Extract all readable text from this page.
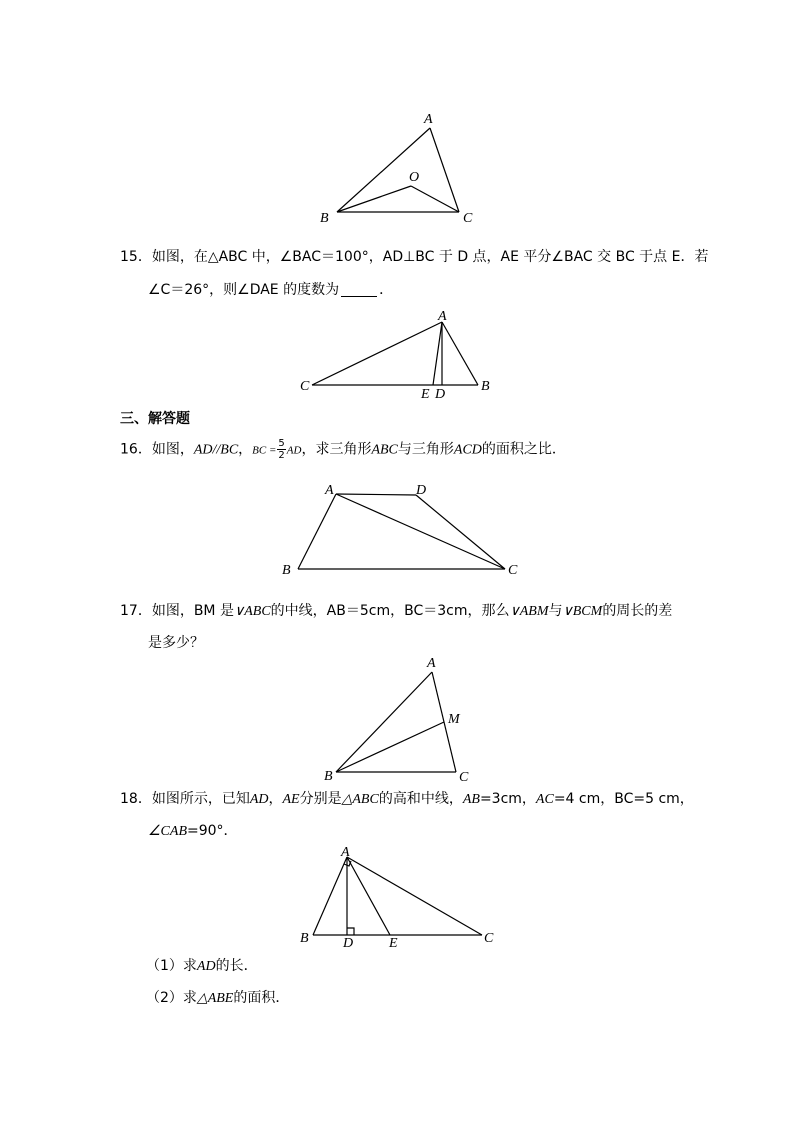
A
O
B	C
A
C
E D
B
A	D
B	C
A
M
B	C
A
B D	E	C
15．如图，在△ABC 中，∠BAC＝100°，AD⊥BC 于 D 点，AE 平分∠BAC 交 BC 于点 E．若
∠C＝26°，则∠DAE 的度数为	．
三、解答题
16．如图，AD//BC，BC = $\frac{5}{2}$ AD，求三角形ABC与三角形ACD的面积之比．
17．如图，BM 是∨ABC的中线，AB＝5cm，BC＝3cm，那么∨ABM与∨BCM的周长的差
是多少？
18．如图所示，已知AD，AE分别是△ABC的高和中线，AB=3cm，AC=4 cm，BC=5 cm，
∠CAB=90°．
（1）求AD的长．
（2）求△ABE的面积．
